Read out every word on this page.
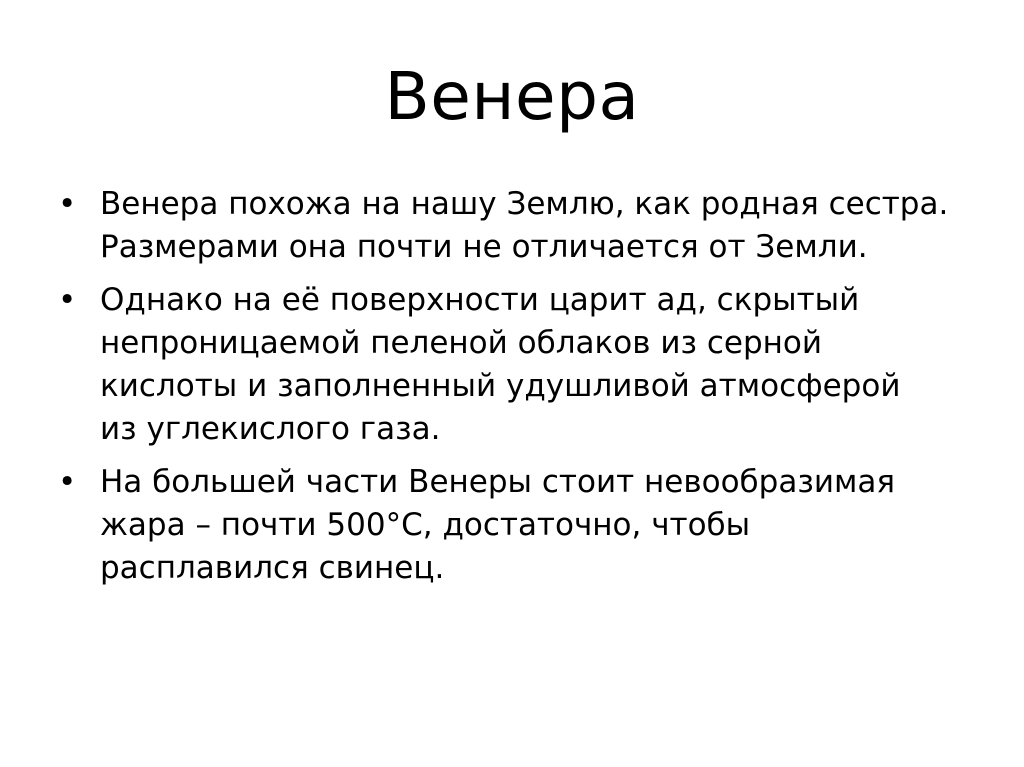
Венера
• Венера похожа на нашу Землю, как родная сестра.
Размерами она почти не отличается от Земли.
• Однако на её поверхности царит ад, скрытый
непроницаемой пеленой облаков из серной
кислоты и заполненный удушливой атмосферой
из углекислого газа.
• На большей части Венеры стоит невообразимая
жара – почти 500°С, достаточно, чтобы
расплавился свинец.
